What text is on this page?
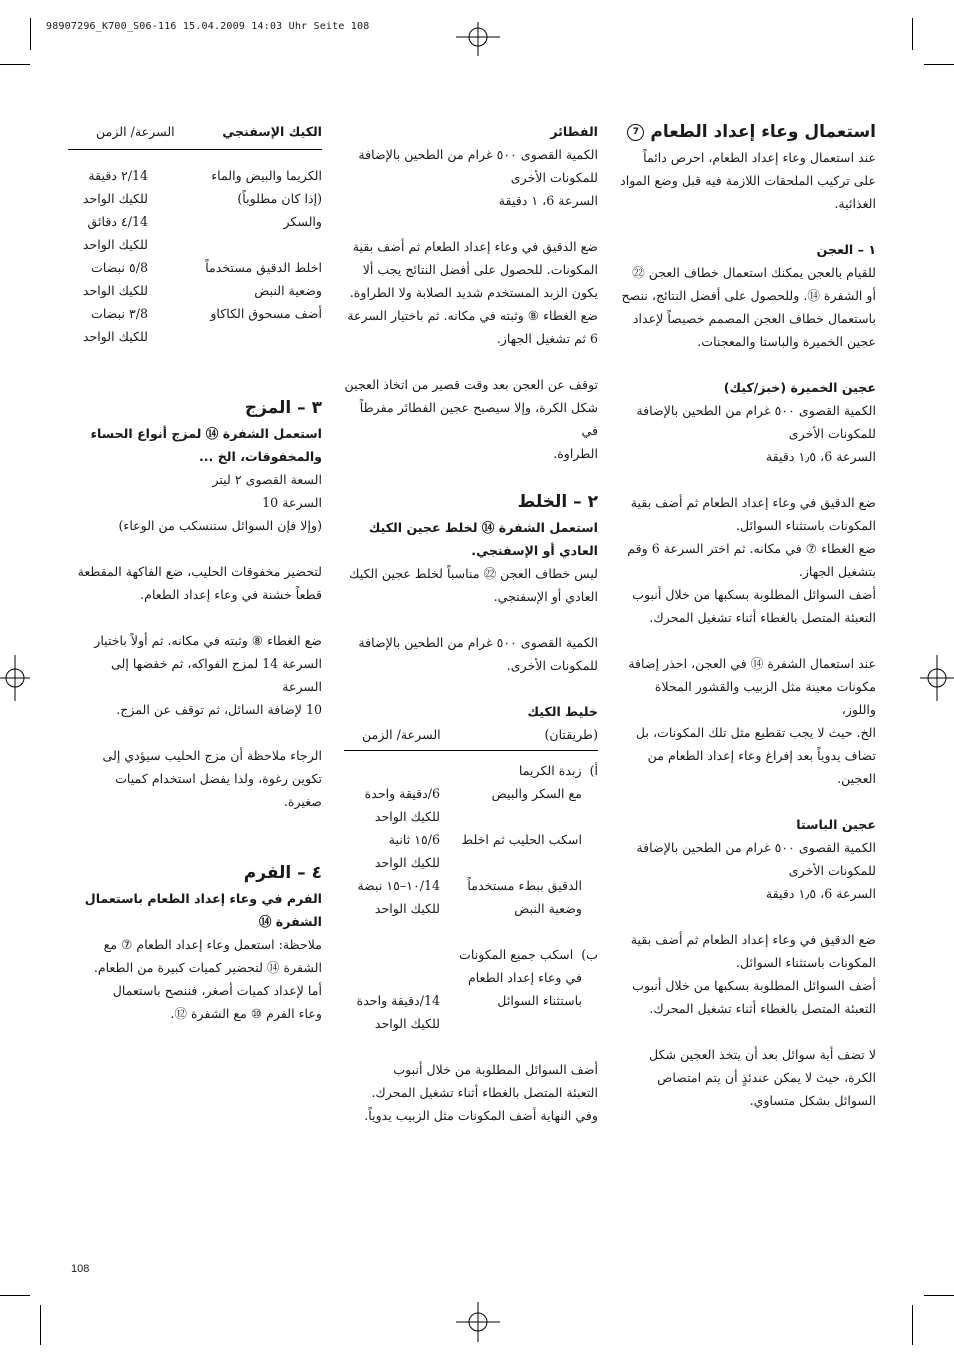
98907296_K700_S06-116 15.04.2009 14:03 Uhr Seite 108
استعمال وعاء إعداد الطعام 7

عند استعمال وعاء إعداد الطعام، احرص دائماً

على تركيب الملحقات اللازمة فيه قبل وضع المواد

الغذائية.

١ – العجن

للقيام بالعجن يمكنك استعمال خطاف العجن ㉒

أو الشفرة ⑭. وللحصول على أفضل النتائج، ننصح

باستعمال خطاف العجن المصمم خصيصاً لإعداد

عجين الخميرة والباستا والمعجنات.

عجين الخميرة (خبز/كيك)

الكمية القصوى ٥٠٠ غرام من الطحين بالإضافة

للمكونات الأخرى

السرعة 6، ١٫٥ دقيقة

ضع الدقيق في وعاء إعداد الطعام ثم أضف بقية

المكونات باستثناء السوائل.

ضع الغطاء ⑦ في مكانه. ثم اختر السرعة 6 وقم

بتشغيل الجهاز.

أضف السوائل المطلوبة بسكبها من خلال أنبوب

التعبئة المتصل بالغطاء أثناء تشغيل المحرك.

عند استعمال الشفرة ⑭ في العجن، احذر إضافة

مكونات معينة مثل الزبيب والقشور المحلاة واللوز،

الخ. حيث لا يجب تقطيع مثل تلك المكونات، بل

تضاف يدوياً بعد إفراغ وعاء إعداد الطعام من

العجين.

عجين الباستا

الكمية القصوى ٥٠٠ غرام من الطحين بالإضافة

للمكونات الأخرى

السرعة 6، ١٫٥ دقيقة

ضع الدقيق في وعاء إعداد الطعام ثم أضف بقية

المكونات باستثناء السوائل.

أضف السوائل المطلوبة بسكبها من خلال أنبوب

التعبئة المتصل بالغطاء أثناء تشغيل المحرك.

لا تضف أية سوائل بعد أن يتخذ العجين شكل

الكرة، حيث لا يمكن عندئذٍ أن يتم امتصاص

السوائل بشكل متساوي.

الفطائر

الكمية القصوى ٥٠٠ غرام من الطحين بالإضافة

للمكونات الأخرى

السرعة 6، ١ دقيقة

ضع الدقيق في وعاء إعداد الطعام ثم أضف بقية

المكونات. للحصول على أفضل النتائج يجب ألا

يكون الزبد المستخدم شديد الصلابة ولا الطراوة.

ضع الغطاء ⑧ وثبته في مكانه. ثم باختيار السرعة

6 ثم تشغيل الجهاز.

توقف عن العجن بعد وقت قصير من اتخاذ العجين

شكل الكرة، وإلا سيصبح عجين الفطائر مفرطاً في

الطراوة.

٢ – الخلط

استعمل الشفرة ⑭ لخلط عجين الكيك

العادي أو الإسفنجي.

ليس خطاف العجن ㉒ مناسباً لخلط عجين الكيك

العادي أو الإسفنجي.

الكمية القصوى ٥٠٠ غرام من الطحين بالإضافة

للمكونات الأخرى.

خليط الكيك

(طريقتان)
السرعة/ الزمن
أ)  زبدة الكريما
مع السكر والبيض
6/دقيقة واحدة
للكيك الواحد
اسكب الحليب ثم اخلط
6/١٥ ثانية
للكيك الواحد
الدقيق ببطء مستخدماً
14/١٠–١٥ نبضة
وضعية النبض
للكيك الواحد
ب)  اسكب جميع المكونات
في وعاء إعداد الطعام
باستثناء السوائل
14/دقيقة واحدة
للكيك الواحد

أضف السوائل المطلوبة من خلال أنبوب

التعبئة المتصل بالغطاء أثناء تشغيل المحرك.

وفي النهاية أضف المكونات مثل الزبيب يدوياً.

الكيك الإسفنجي
السرعة/ الزمن
الكريما والبيض والماء
14/٢ دقيقة
(إذا كان مطلوباً)
للكيك الواحد
والسكر
14/٤ دقائق
للكيك الواحد
اخلط الدقيق مستخدماً
8/٥ نبضات
وضعية النبض
للكيك الواحد
أضف مسحوق الكاكاو
8/٣ نبضات
للكيك الواحد

٣ – المزج

استعمل الشفرة ⑭ لمزج أنواع الحساء

والمخفوقات، الخ ...

السعة القصوى ٢ ليتر

السرعة 10

(وإلا فإن السوائل ستنسكب من الوعاء)

لتحضير مخفوقات الحليب، ضع الفاكهة المقطعة

قطعاً خشنة في وعاء إعداد الطعام.

ضع الغطاء ⑧ وثبته في مكانه. ثم أولاً باختيار

السرعة 14 لمزج الفواكه، ثم خفضها إلى السرعة

10 لإضافة السائل، ثم توقف عن المزج.

الرجاء ملاحظة أن مزج الحليب سيؤدي إلى

تكوين رغوة، ولذا يفضل استخدام كميات

صغيرة.

٤ – الفرم

الفرم في وعاء إعداد الطعام باستعمال

الشفرة ⑭

ملاحظة: استعمل وعاء إعداد الطعام ⑦ مع

الشفرة ⑭ لتحضير كميات كبيرة من الطعام.

أما لإعداد كميات أصغر، فننصح باستعمال

وعاء الفرم ⑩ مع الشفرة ⑫.

108
